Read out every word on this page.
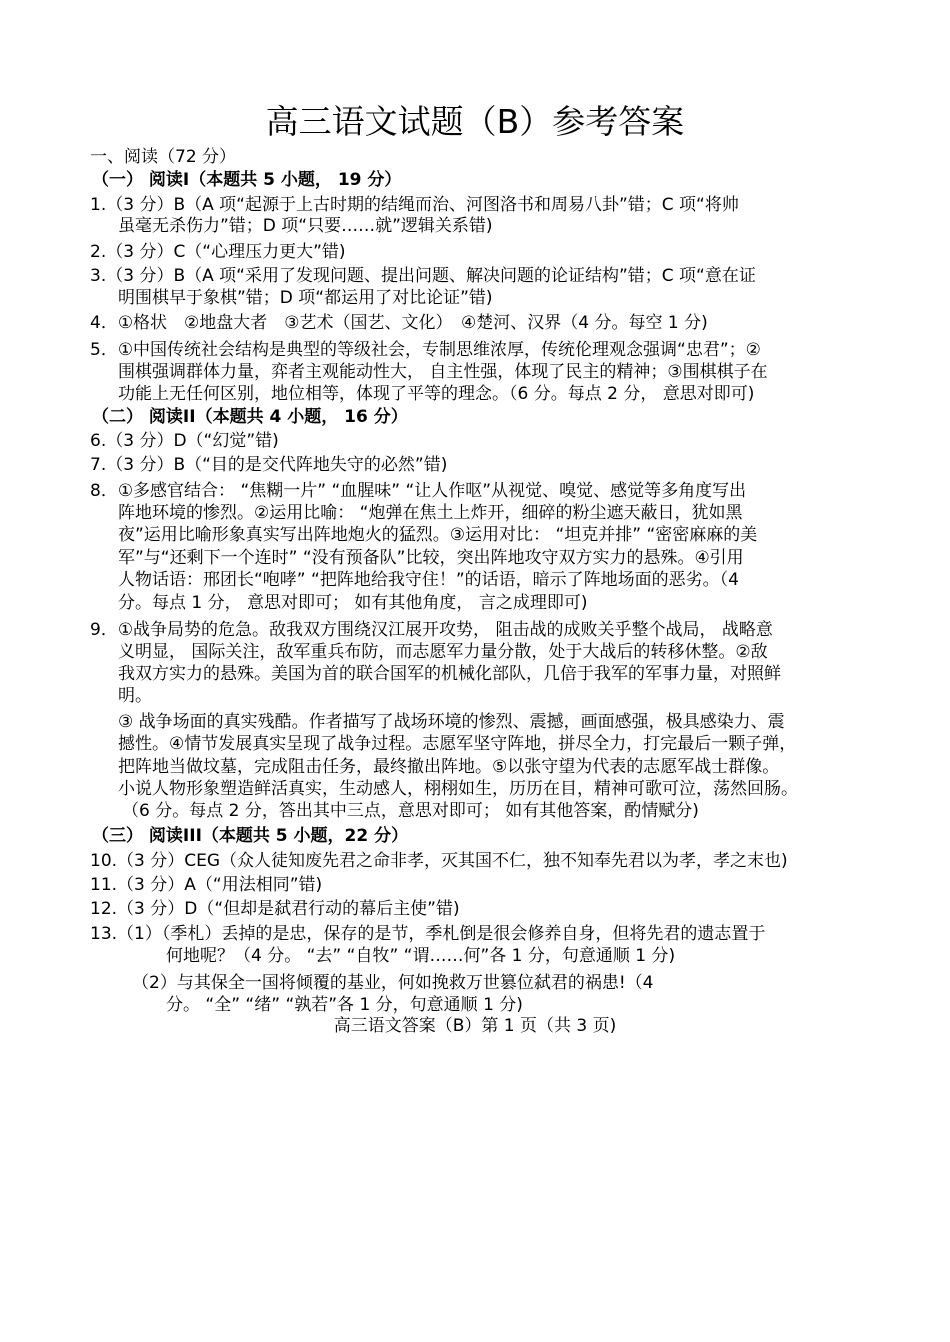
高三语文试题（B）参考答案
一、阅读（72 分）
（一） 阅读I（本题共 5 小题， 19 分）
1.（3 分）B（A 项“起源于上古时期的结绳而治、河图洛书和周易八卦”错；C 项“将帅
虽毫无杀伤力”错；D 项“只要……就”逻辑关系错)
2.（3 分）C（“心理压力更大”错)
3.（3 分）B（A 项“采用了发现问题、提出问题、解决问题的论证结构”错；C 项“意在证
明围棋早于象棋”错；D 项“都运用了对比论证”错)
4．①格状　②地盘大者　③艺术（国艺、文化）　④楚河、汉界（4 分。每空 1 分)
5．①中国传统社会结构是典型的等级社会，专制思维浓厚，传统伦理观念强调“忠君”；②
围棋强调群体力量，弈者主观能动性大， 自主性强，体现了民主的精神；③围棋棋子在
功能上无任何区别，地位相等，体现了平等的理念。（6 分。每点 2 分， 意思对即可)
（二） 阅读II（本题共 4 小题， 16 分）
6.（3 分）D（“幻觉”错)
7.（3 分）B（“目的是交代阵地失守的必然”错)
8．①多感官结合： “焦糊一片” “血腥味” “让人作呕”从视觉、嗅觉、感觉等多角度写出
阵地环境的惨烈。②运用比喻： “炮弹在焦土上炸开，细碎的粉尘遮天蔽日，犹如黑
夜”运用比喻形象真实写出阵地炮火的猛烈。③运用对比： “坦克并排” “密密麻麻的美
军”与“还剩下一个连时” “没有预备队”比较，突出阵地攻守双方实力的悬殊。④引用
人物话语：邢团长“咆哮” “把阵地给我守住！”的话语，暗示了阵地场面的恶劣。（4
分。每点 1 分， 意思对即可； 如有其他角度， 言之成理即可)
9．①战争局势的危急。敌我双方围绕汉江展开攻势， 阻击战的成败关乎整个战局， 战略意
义明显， 国际关注，敌军重兵布防，而志愿军力量分散，处于大战后的转移休整。②敌
我双方实力的悬殊。美国为首的联合国军的机械化部队，几倍于我军的军事力量，对照鲜
明。
③ 战争场面的真实残酷。作者描写了战场环境的惨烈、震撼，画面感强，极具感染力、震
撼性。④情节发展真实呈现了战争过程。志愿军坚守阵地，拼尽全力，打完最后一颗子弹，
把阵地当做坟墓，完成阻击任务，最终撤出阵地。⑤以张守望为代表的志愿军战士群像。
小说人物形象塑造鲜活真实，生动感人，栩栩如生，历历在目，精神可歌可泣，荡然回肠。
（6 分。每点 2 分，答出其中三点，意思对即可； 如有其他答案，酌情赋分)
（三） 阅读III（本题共 5 小题，22 分）
10.（3 分）CEG（众人徒知废先君之命非孝，灭其国不仁，独不知奉先君以为孝，孝之末也)
11.（3 分）A（“用法相同”错)
12.（3 分）D（“但却是弑君行动的幕后主使”错)
13.（1）（季札）丢掉的是忠，保存的是节，季札倒是很会修养自身，但将先君的遗志置于
何地呢？（4 分。 “去” “自牧” “谓……何”各 1 分，句意通顺 1 分)
（2）与其保全一国将倾覆的基业，何如挽救万世篡位弑君的祸患!（4
分。 “全” “绪” “孰若”各 1 分，句意通顺 1 分)
高三语文答案（B）第 1 页（共 3 页)
